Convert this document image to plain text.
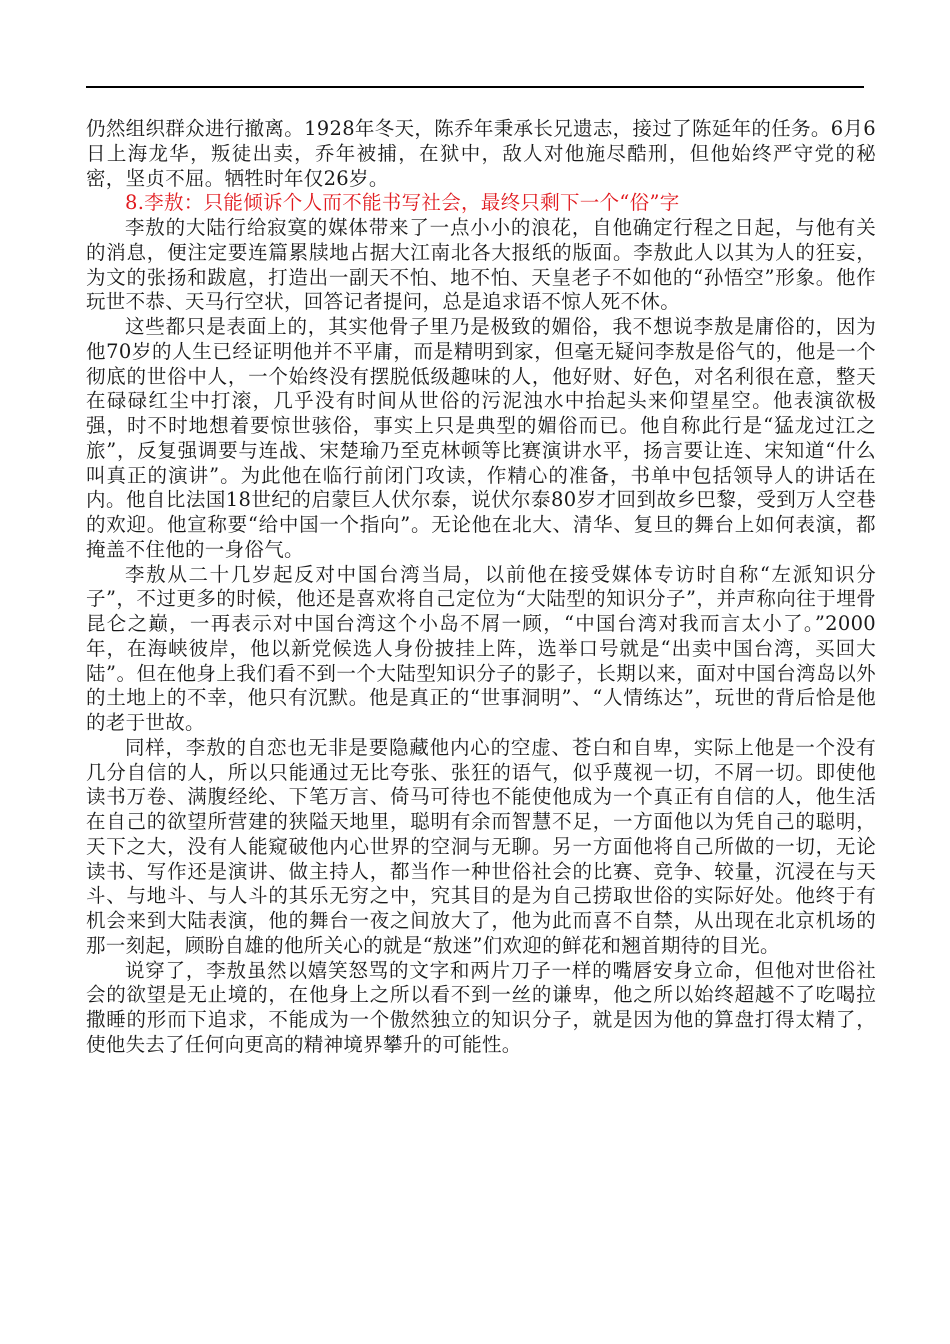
仍然组织群众进行撤离。1928年冬天，陈乔年秉承长兄遗志，接过了陈延年的任务。6月6日上海龙华，叛徒出卖，乔年被捕，在狱中，敌人对他施尽酷刑，但他始终严守党的秘密，坚贞不屈。牺牲时年仅26岁。

8.李敖：只能倾诉个人而不能书写社会，最终只剩下一个“俗”字

李敖的大陆行给寂寞的媒体带来了一点小小的浪花，自他确定行程之日起，与他有关的消息，便注定要连篇累牍地占据大江南北各大报纸的版面。李敖此人以其为人的狂妄，为文的张扬和跋扈，打造出一副天不怕、地不怕、天皇老子不如他的“孙悟空”形象。他作玩世不恭、天马行空状，回答记者提问，总是追求语不惊人死不休。

这些都只是表面上的，其实他骨子里乃是极致的媚俗，我不想说李敖是庸俗的，因为他70岁的人生已经证明他并不平庸，而是精明到家，但毫无疑问李敖是俗气的，他是一个彻底的世俗中人，一个始终没有摆脱低级趣味的人，他好财、好色，对名利很在意，整天在碌碌红尘中打滚，几乎没有时间从世俗的污泥浊水中抬起头来仰望星空。他表演欲极强，时不时地想着要惊世骇俗，事实上只是典型的媚俗而已。他自称此行是“猛龙过江之旅”，反复强调要与连战、宋楚瑜乃至克林顿等比赛演讲水平，扬言要让连、宋知道“什么叫真正的演讲”。为此他在临行前闭门攻读，作精心的准备，书单中包括领导人的讲话在内。他自比法国18世纪的启蒙巨人伏尔泰，说伏尔泰80岁才回到故乡巴黎，受到万人空巷的欢迎。他宣称要“给中国一个指向”。无论他在北大、清华、复旦的舞台上如何表演，都掩盖不住他的一身俗气。

李敖从二十几岁起反对中国台湾当局，以前他在接受媒体专访时自称“左派知识分子”，不过更多的时候，他还是喜欢将自己定位为“大陆型的知识分子”，并声称向往于埋骨昆仑之巅，一再表示对中国台湾这个小岛不屑一顾，“中国台湾对我而言太小了。”2000年，在海峡彼岸，他以新党候选人身份披挂上阵，选举口号就是“出卖中国台湾，买回大陆”。但在他身上我们看不到一个大陆型知识分子的影子，长期以来，面对中国台湾岛以外的土地上的不幸，他只有沉默。他是真正的“世事洞明”、“人情练达”，玩世的背后恰是他的老于世故。

同样，李敖的自恋也无非是要隐藏他内心的空虚、苍白和自卑，实际上他是一个没有几分自信的人，所以只能通过无比夸张、张狂的语气，似乎蔑视一切，不屑一切。即使他读书万卷、满腹经纶、下笔万言、倚马可待也不能使他成为一个真正有自信的人，他生活在自己的欲望所营建的狭隘天地里，聪明有余而智慧不足，一方面他以为凭自己的聪明，天下之大，没有人能窥破他内心世界的空洞与无聊。另一方面他将自己所做的一切，无论读书、写作还是演讲、做主持人，都当作一种世俗社会的比赛、竞争、较量，沉浸在与天斗、与地斗、与人斗的其乐无穷之中，究其目的是为自己捞取世俗的实际好处。他终于有机会来到大陆表演，他的舞台一夜之间放大了，他为此而喜不自禁，从出现在北京机场的那一刻起，顾盼自雄的他所关心的就是“敖迷”们欢迎的鲜花和翘首期待的目光。

说穿了，李敖虽然以嬉笑怒骂的文字和两片刀子一样的嘴唇安身立命，但他对世俗社会的欲望是无止境的，在他身上之所以看不到一丝的谦卑，他之所以始终超越不了吃喝拉撒睡的形而下追求，不能成为一个傲然独立的知识分子，就是因为他的算盘打得太精了，使他失去了任何向更高的精神境界攀升的可能性。
